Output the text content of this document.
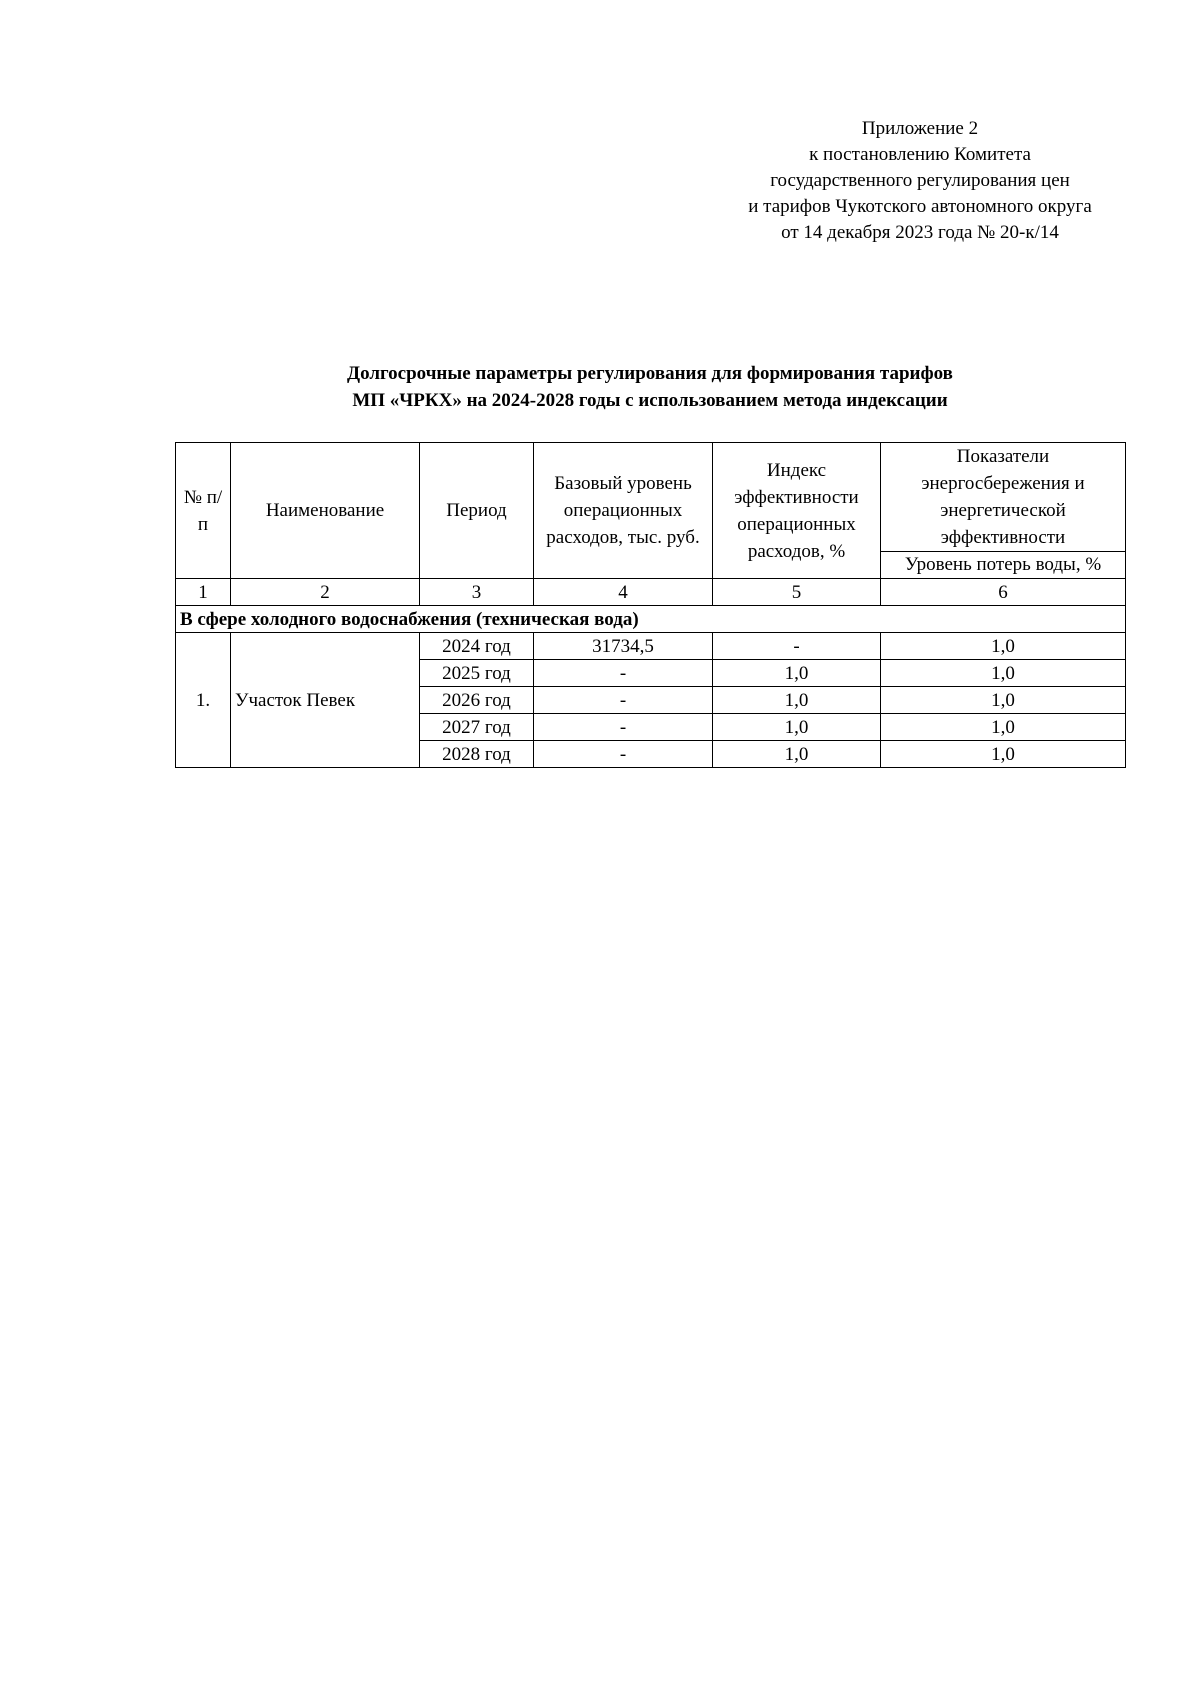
Приложение 2
к постановлению Комитета
государственного регулирования цен
и тарифов Чукотского автономного округа
от 14 декабря 2023 года № 20-к/14
Долгосрочные параметры регулирования для формирования тарифов
МП «ЧРКХ» на 2024-2028 годы с использованием метода индексации
№ п/п	Наименование	Период	Базовый уровень операционных расходов, тыс. руб.	Индекс эффективности операционных расходов, %	Показатели энергосбережения и энергетической эффективности
					Уровень потерь воды, %
1	2	3	4	5	6
В сфере холодного водоснабжения (техническая вода)					
1.	Участок Певек	2024 год	31734,5	-	1,0
		2025 год	-	1,0	1,0
		2026 год	-	1,0	1,0
		2027 год	-	1,0	1,0
		2028 год	-	1,0	1,0
